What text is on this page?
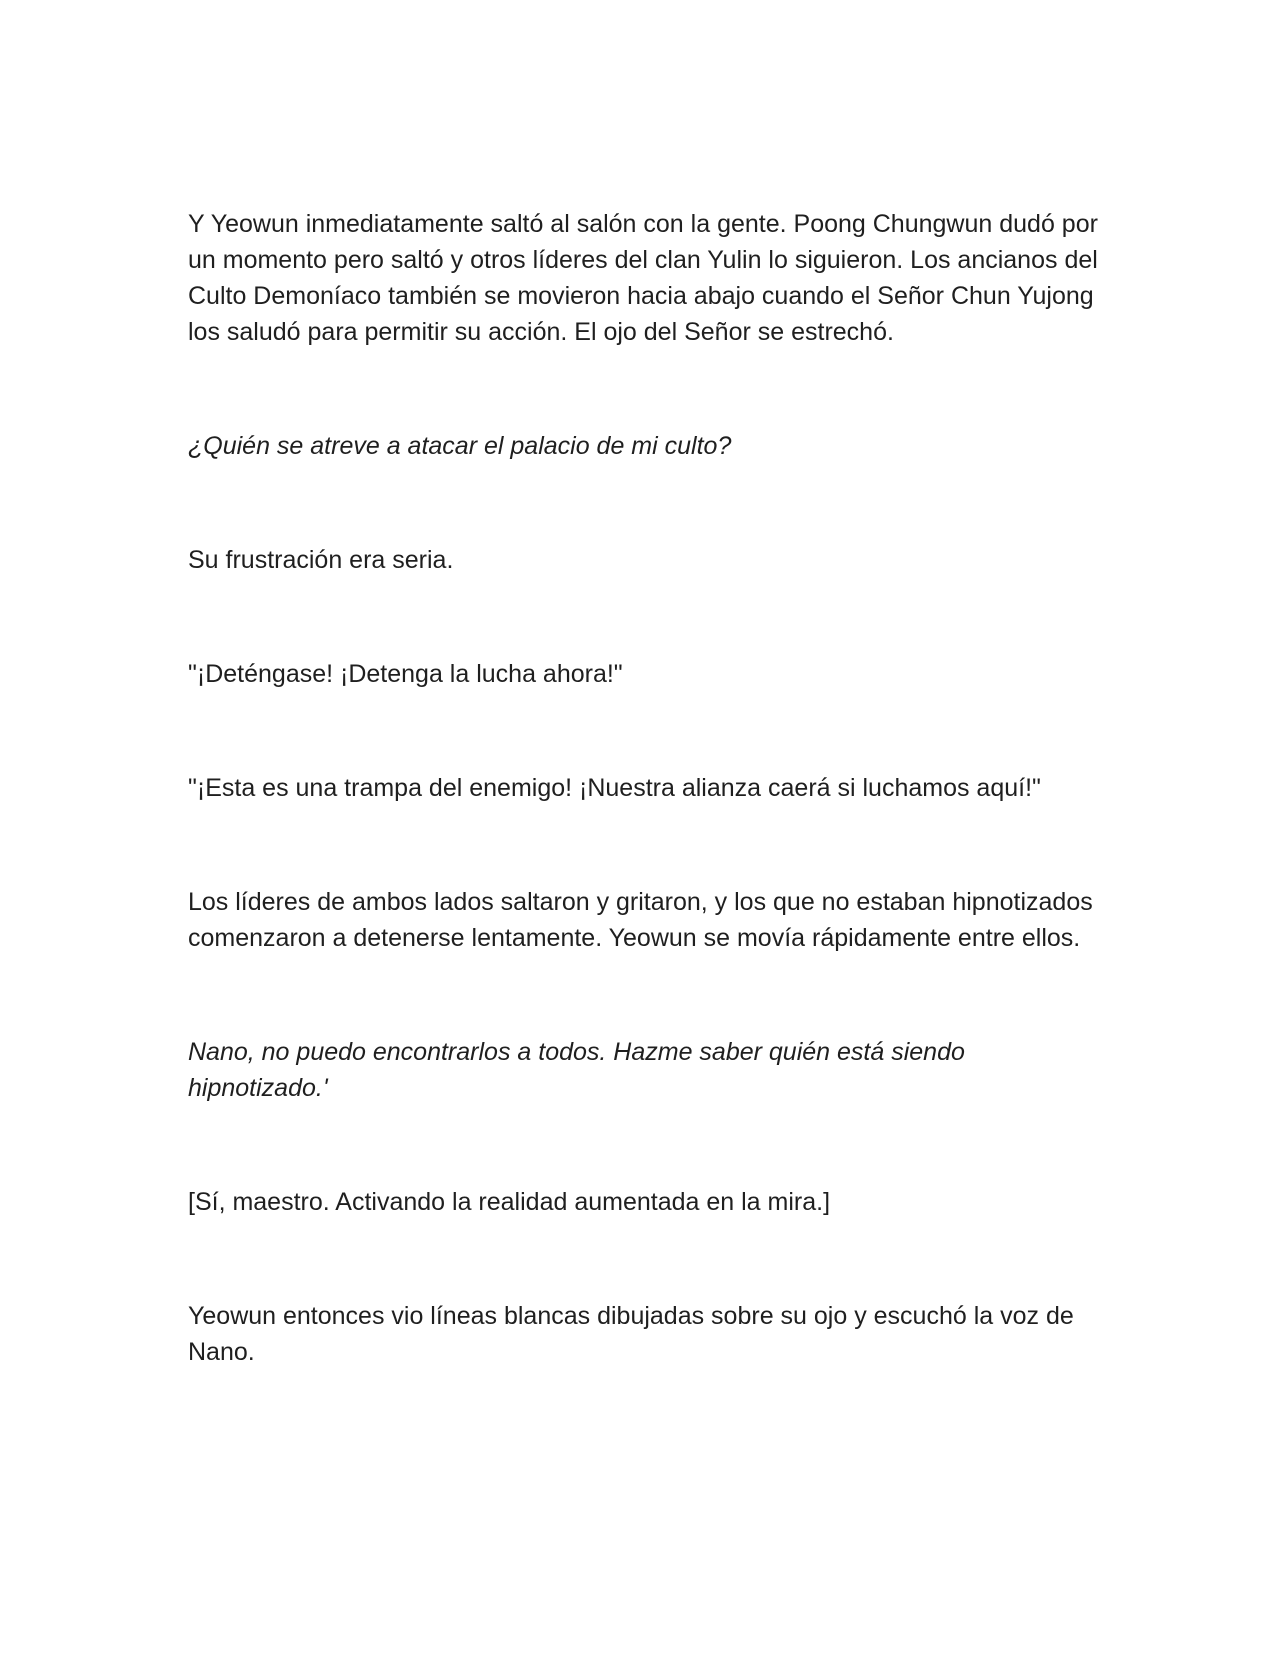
Y Yeowun inmediatamente saltó al salón con la gente. Poong Chungwun dudó por un momento pero saltó y otros líderes del clan Yulin lo siguieron. Los ancianos del Culto Demoníaco también se movieron hacia abajo cuando el Señor Chun Yujong los saludó para permitir su acción. El ojo del Señor se estrechó.

¿Quién se atreve a atacar el palacio de mi culto?

Su frustración era seria.

"¡Deténgase! ¡Detenga la lucha ahora!"

"¡Esta es una trampa del enemigo! ¡Nuestra alianza caerá si luchamos aquí!"

Los líderes de ambos lados saltaron y gritaron, y los que no estaban hipnotizados comenzaron a detenerse lentamente. Yeowun se movía rápidamente entre ellos.

Nano, no puedo encontrarlos a todos. Hazme saber quién está siendo hipnotizado.'

[Sí, maestro. Activando la realidad aumentada en la mira.]

Yeowun entonces vio líneas blancas dibujadas sobre su ojo y escuchó la voz de Nano.
